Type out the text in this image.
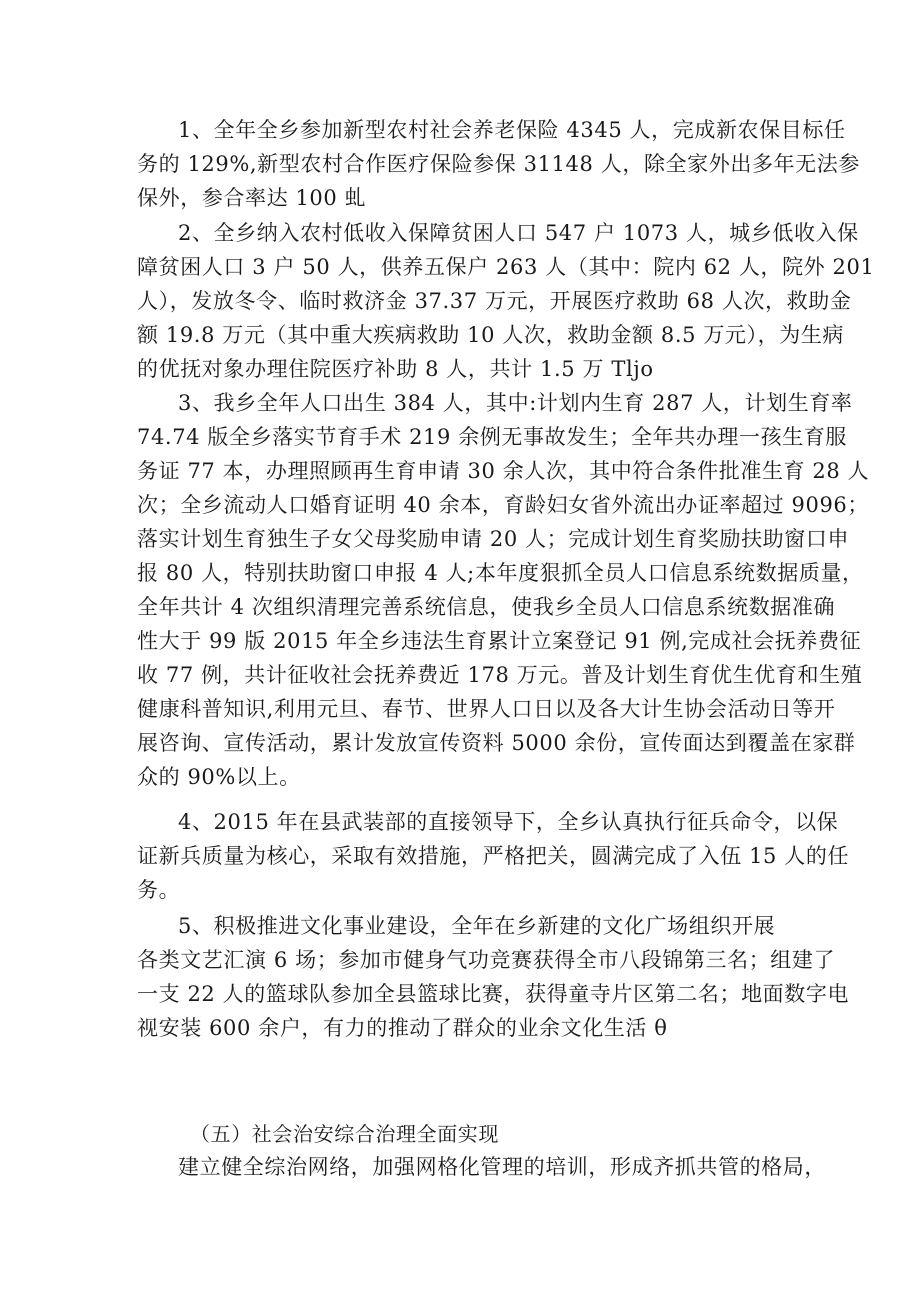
1、全年全乡参加新型农村社会养老保险 4345 人，完成新农保目标任
务的 129%,新型农村合作医疗保险参保 31148 人，除全家外出多年无法参
保外，参合率达 100 虬
2、全乡纳入农村低收入保障贫困人口 547 户 1073 人，城乡低收入保
障贫困人口 3 户 50 人，供养五保户 263 人（其中：院内 62 人，院外 201
人），发放冬令、临时救济金 37.37 万元，开展医疗救助 68 人次，救助金
额 19.8 万元（其中重大疾病救助 10 人次，救助金额 8.5 万元），为生病
的优抚对象办理住院医疗补助 8 人，共计 1.5 万 Tljo
3、我乡全年人口出生 384 人，其中:计划内生育 287 人，计划生育率
74.74 版全乡落实节育手术 219 余例无事故发生；全年共办理一孩生育服
务证 77 本，办理照顾再生育申请 30 余人次，其中符合条件批准生育 28 人
次；全乡流动人口婚育证明 40 余本，育龄妇女省外流出办证率超过 9096；
落实计划生育独生子女父母奖励申请 20 人；完成计划生育奖励扶助窗口申
报 80 人，特别扶助窗口申报 4 人;本年度狠抓全员人口信息系统数据质量，
全年共计 4 次组织清理完善系统信息，使我乡全员人口信息系统数据准确
性大于 99 版 2015 年全乡违法生育累计立案登记 91 例,完成社会抚养费征
收 77 例，共计征收社会抚养费近 178 万元。普及计划生育优生优育和生殖
健康科普知识,利用元旦、春节、世界人口日以及各大计生协会活动日等开
展咨询、宣传活动，累计发放宣传资料 5000 余份，宣传面达到覆盖在家群
众的 90%以上。
4、2015 年在县武装部的直接领导下，全乡认真执行征兵命令，以保
证新兵质量为核心，采取有效措施，严格把关，圆满完成了入伍 15 人的任
务。
5、积极推进文化事业建设，全年在乡新建的文化广场组织开展
各类文艺汇演 6 场；参加市健身气功竞赛获得全市八段锦第三名；组建了
一支 22 人的篮球队参加全县篮球比赛，获得童寺片区第二名；地面数字电
视安装 600 余户，有力的推动了群众的业余文化生活 θ
（五）社会治安综合治理全面实现
建立健全综治网络，加强网格化管理的培训，形成齐抓共管的格局，
